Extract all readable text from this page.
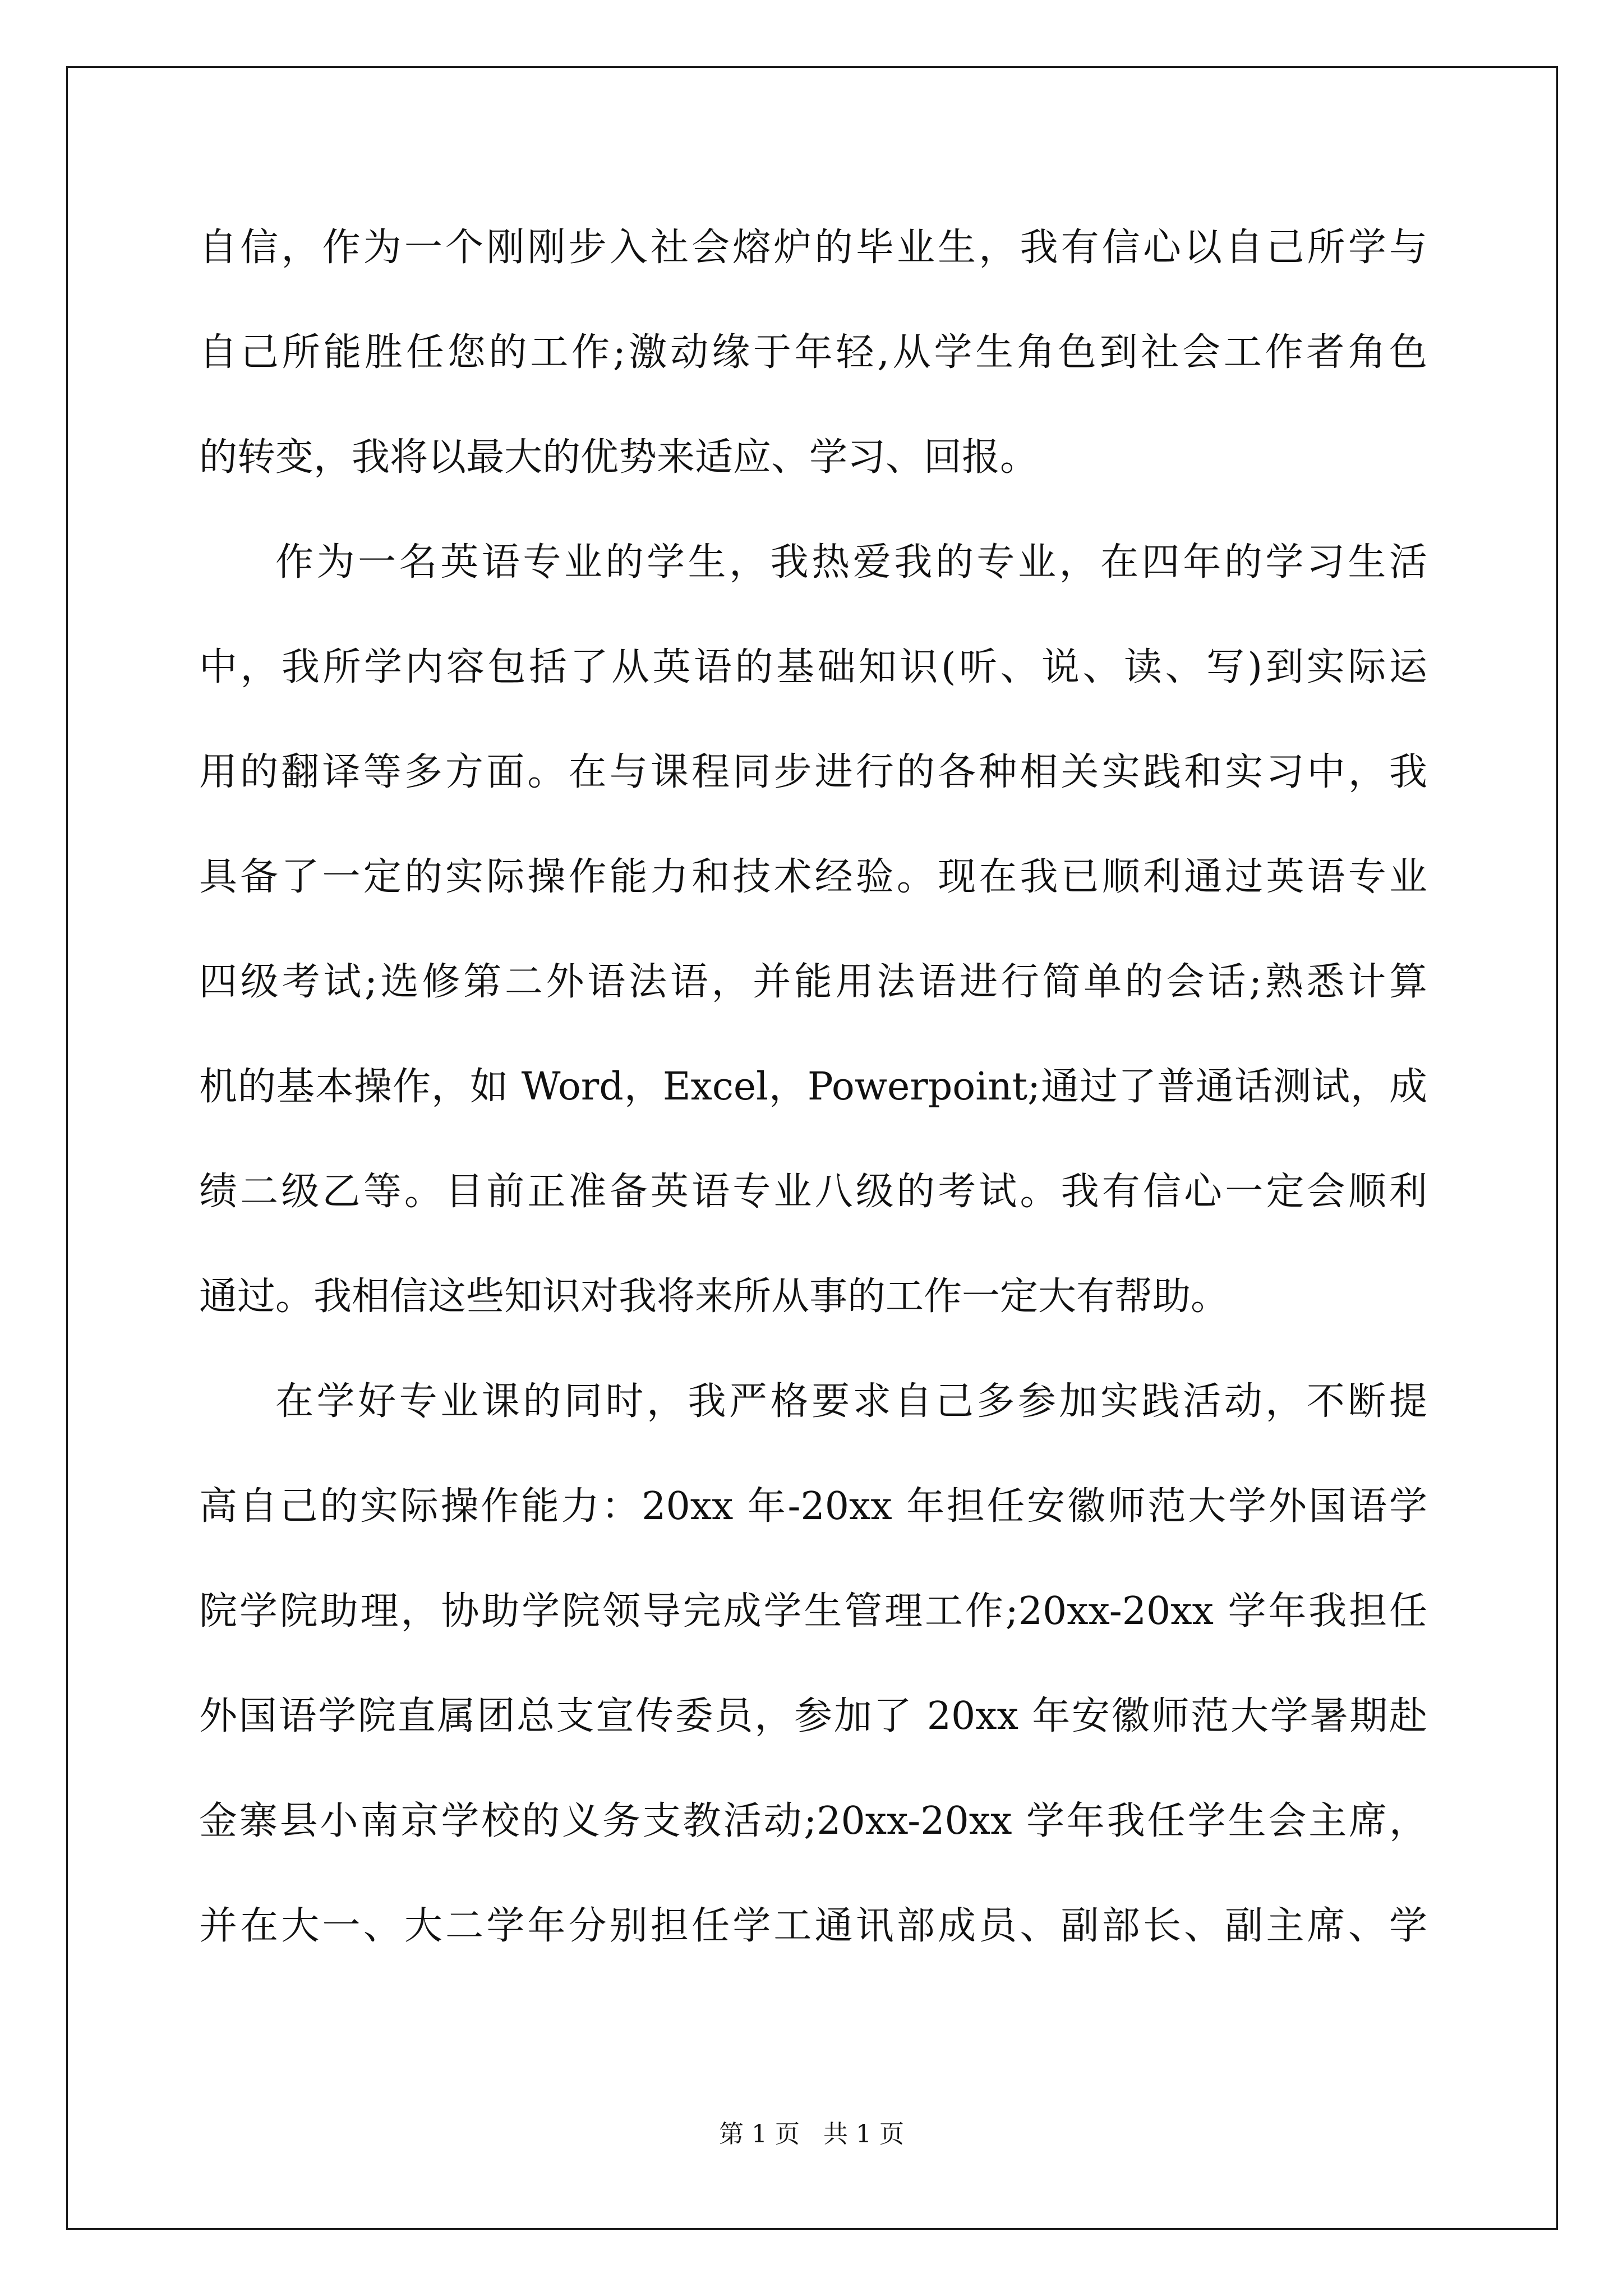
自信，作为一个刚刚步入社会熔炉的毕业生，我有信心以自己所学与
自己所能胜任您的工作;激动缘于年轻,从学生角色到社会工作者角色
的转变，我将以最大的优势来适应、学习、回报。
作为一名英语专业的学生，我热爱我的专业，在四年的学习生活
中，我所学内容包括了从英语的基础知识(听、说、读、写)到实际运
用的翻译等多方面。在与课程同步进行的各种相关实践和实习中，我
具备了一定的实际操作能力和技术经验。现在我已顺利通过英语专业
四级考试;选修第二外语法语，并能用法语进行简单的会话;熟悉计算
机的基本操作，如 Word，Excel，Powerpoint;通过了普通话测试，成
绩二级乙等。目前正准备英语专业八级的考试。我有信心一定会顺利
通过。我相信这些知识对我将来所从事的工作一定大有帮助。
在学好专业课的同时，我严格要求自己多参加实践活动，不断提
高自己的实际操作能力：20xx 年-20xx 年担任安徽师范大学外国语学
院学院助理，协助学院领导完成学生管理工作;20xx-20xx 学年我担任
外国语学院直属团总支宣传委员，参加了 20xx 年安徽师范大学暑期赴
金寨县小南京学校的义务支教活动;20xx-20xx 学年我任学生会主席，
并在大一、大二学年分别担任学工通讯部成员、副部长、副主席、学
第 1 页   共 1 页
